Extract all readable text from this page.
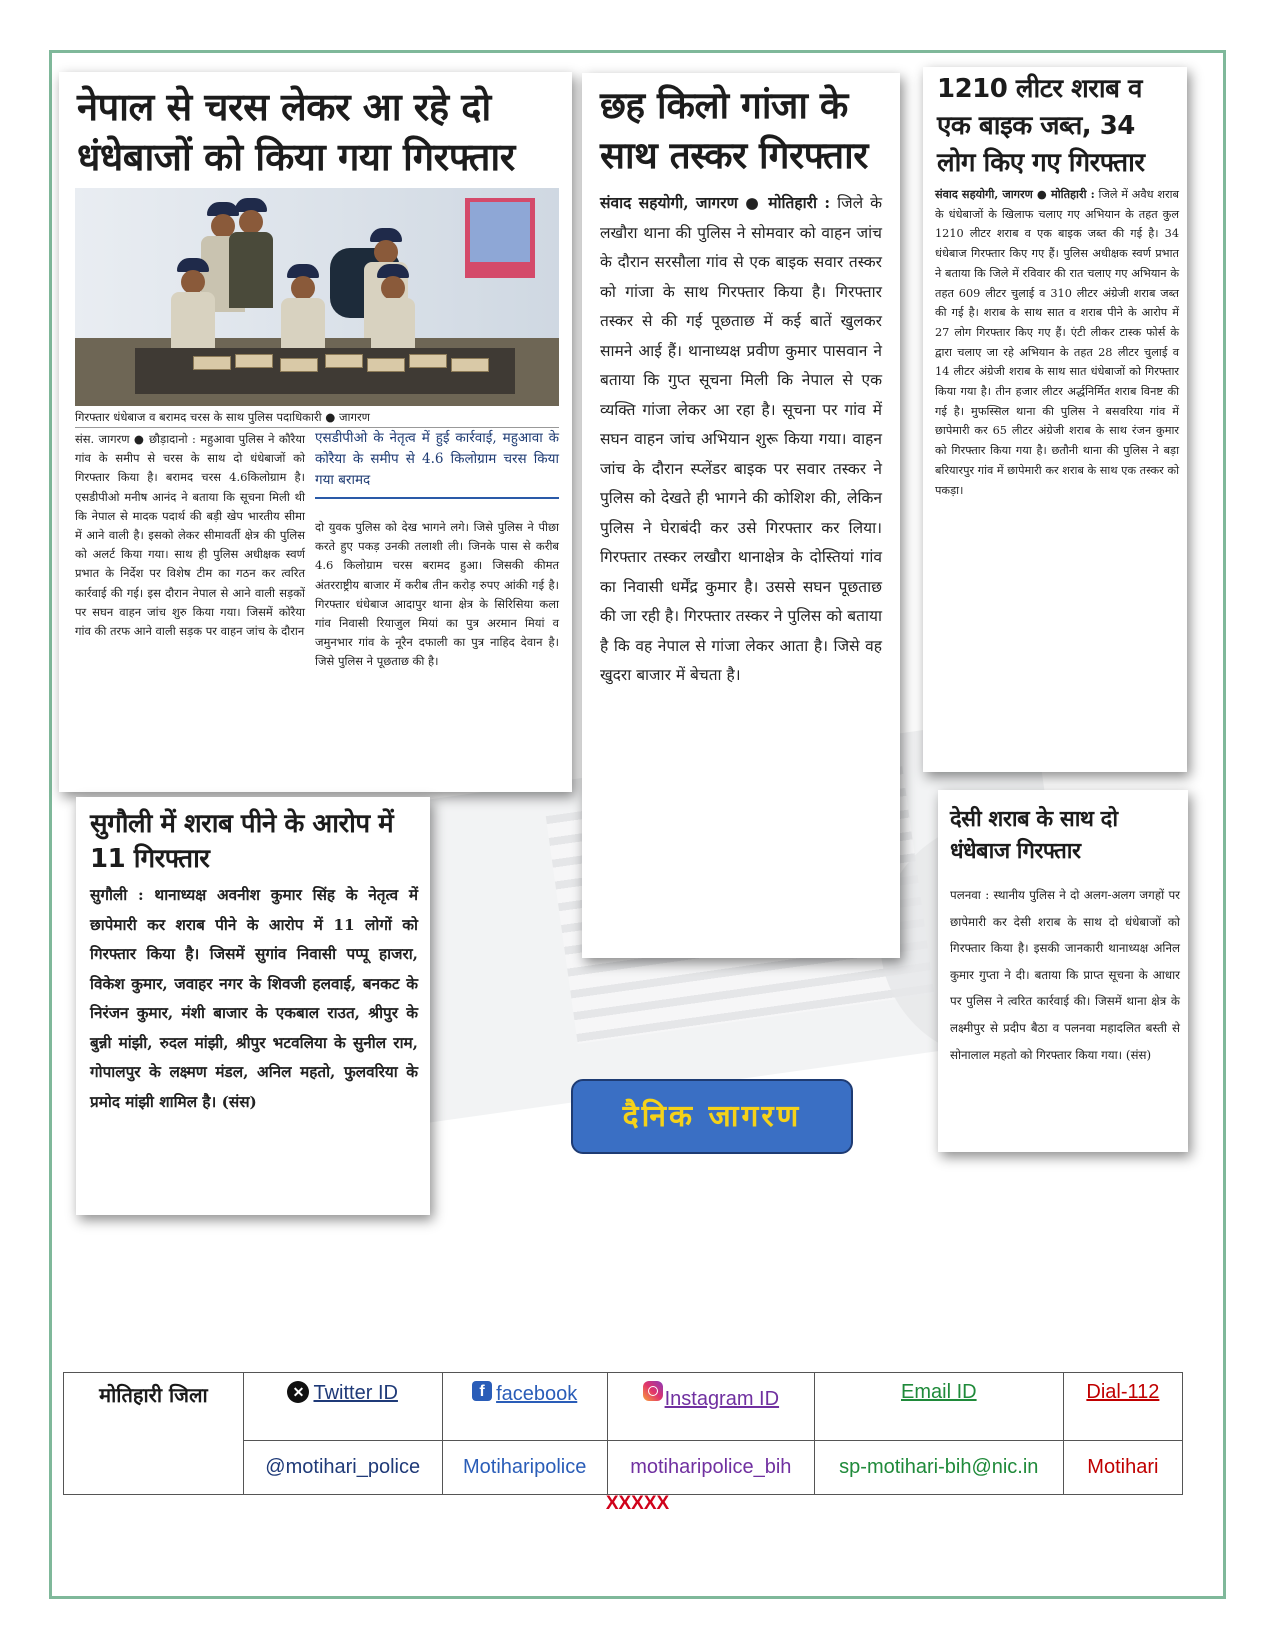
नेपाल से चरस लेकर आ रहे दो धंधेबाजों को किया गया गिरफ्तार
गिरफ्तार धंधेबाज व बरामद चरस के साथ पुलिस पदाधिकारी ● जागरण
संस. जागरण ● छौड़ादानो : महुआवा पुलिस ने कौरैया गांव के समीप से चरस के साथ दो धंधेबाजों को गिरफ्तार किया है। बरामद चरस 4.6किलोग्राम है। एसडीपीओ मनीष आनंद ने बताया कि सूचना मिली थी कि नेपाल से मादक पदार्थ की बड़ी खेप भारतीय सीमा में आने वाली है। इसको लेकर सीमावर्ती क्षेत्र की पुलिस को अलर्ट किया गया। साथ ही पुलिस अधीक्षक स्वर्ण प्रभात के निर्देश पर विशेष टीम का गठन कर त्वरित कार्रवाई की गई। इस दौरान नेपाल से आने वाली सड़कों पर सघन वाहन जांच शुरु किया गया। जिसमें कोरैया गांव की तरफ आने वाली सड़क पर वाहन जांच के दौरान
एसडीपीओ के नेतृत्व में हुई कार्रवाई, महुआवा के कोरैया के समीप से 4.6 किलोग्राम चरस किया गया बरामद
दो युवक पुलिस को देख भागने लगे। जिसे पुलिस ने पीछा करते हुए पकड़ उनकी तलाशी ली। जिनके पास से करीब 4.6 किलोग्राम चरस बरामद हुआ। जिसकी कीमत अंतरराष्ट्रीय बाजार में करीब तीन करोड़ रुपए आंकी गई है। गिरफ्तार धंधेबाज आदापुर थाना क्षेत्र के सिरिसिया कला गांव निवासी रियाजुल मियां का पुत्र अरमान मियां व जमुनभार गांव के नूरैन दफाली का पुत्र नाहिद देवान है। जिसे पुलिस ने पूछताछ की है।
छह किलो गांजा के साथ तस्कर गिरफ्तार
संवाद सहयोगी, जागरण ● मोतिहारी : जिले के लखौरा थाना की पुलिस ने सोमवार को वाहन जांच के दौरान सरसौला गांव से एक बाइक सवार तस्कर को गांजा के साथ गिरफ्तार किया है। गिरफ्तार तस्कर से की गई पूछताछ में कई बातें खुलकर सामने आई हैं। थानाध्यक्ष प्रवीण कुमार पासवान ने बताया कि गुप्त सूचना मिली कि नेपाल से एक व्यक्ति गांजा लेकर आ रहा है। सूचना पर गांव में सघन वाहन जांच अभियान शुरू किया गया। वाहन जांच के दौरान स्प्लेंडर बाइक पर सवार तस्कर ने पुलिस को देखते ही भागने की कोशिश की, लेकिन पुलिस ने घेराबंदी कर उसे गिरफ्तार कर लिया। गिरफ्तार तस्कर लखौरा थानाक्षेत्र के दोस्तियां गांव का निवासी धर्मेंद्र कुमार है। उससे सघन पूछताछ की जा रही है। गिरफ्तार तस्कर ने पुलिस को बताया है कि वह नेपाल से गांजा लेकर आता है। जिसे वह खुदरा बाजार में बेचता है।
1210 लीटर शराब व एक बाइक जब्त, 34 लोग किए गए गिरफ्तार
संवाद सहयोगी, जागरण ● मोतिहारी : जिले में अवैध शराब के धंधेबाजों के खिलाफ चलाए गए अभियान के तहत कुल 1210 लीटर शराब व एक बाइक जब्त की गई है। 34 धंधेबाज गिरफ्तार किए गए हैं। पुलिस अधीक्षक स्वर्ण प्रभात ने बताया कि जिले में रविवार की रात चलाए गए अभियान के तहत 609 लीटर चुलाई व 310 लीटर अंग्रेजी शराब जब्त की गई है। शराब के साथ सात व शराब पीने के आरोप में 27 लोग गिरफ्तार किए गए हैं। एंटी लीकर टास्क फोर्स के द्वारा चलाए जा रहे अभियान के तहत 28 लीटर चुलाई व 14 लीटर अंग्रेजी शराब के साथ सात धंधेबाजों को गिरफ्तार किया गया है। तीन हजार लीटर अर्द्धनिर्मित शराब विनष्ट की गई है। मुफस्सिल थाना की पुलिस ने बसवरिया गांव में छापेमारी कर 65 लीटर अंग्रेजी शराब के साथ रंजन कुमार को गिरफ्तार किया गया है। छतौनी थाना की पुलिस ने बड़ा बरियारपुर गांव में छापेमारी कर शराब के साथ एक तस्कर को पकड़ा।
सुगौली में शराब पीने के आरोप में 11 गिरफ्तार
सुगौली : थानाध्यक्ष अवनीश कुमार सिंह के नेतृत्व में छापेमारी कर शराब पीने के आरोप में 11 लोगों को गिरफ्तार किया है। जिसमें सुगांव निवासी पप्पू हाजरा, विकेश कुमार, जवाहर नगर के शिवजी हलवाई, बनकट के निरंजन कुमार, मंशी बाजार के एकबाल राउत, श्रीपुर के बुन्नी मांझी, रुदल मांझी, श्रीपुर भटवलिया के सुनील राम, गोपालपुर के लक्ष्मण मंडल, अनिल महतो, फुलवरिया के प्रमोद मांझी शामिल है। (संस)
देसी शराब के साथ दो धंधेबाज गिरफ्तार
पलनवा : स्थानीय पुलिस ने दो अलग-अलग जगहों पर छापेमारी कर देसी शराब के साथ दो धंधेबाजों को गिरफ्तार किया है। इसकी जानकारी थानाध्यक्ष अनिल कुमार गुप्ता ने दी। बताया कि प्राप्त सूचना के आधार पर पुलिस ने त्वरित कार्रवाई की। जिसमें थाना क्षेत्र के लक्ष्मीपुर से प्रदीप बैठा व पलनवा महादलित बस्ती से सोनालाल महतो को गिरफ्तार किया गया। (संस)
दैनिक जागरण
मोतिहारी जिला	✕ Twitter ID	f facebook	Instagram ID	Email ID	Dial-112
	@motihari_police	Motiharipolice	motiharipolice_bih	sp-motihari-bih@nic.in	Motihari
XXXXX
